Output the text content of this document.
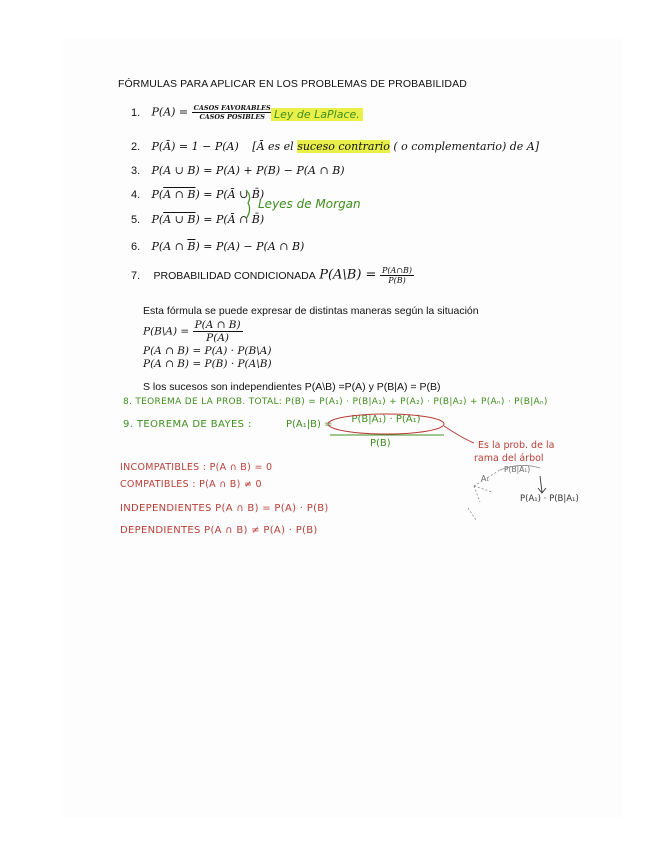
FÓRMULAS PARA APLICAR EN LOS PROBLEMAS DE PROBABILIDAD
1. $P(A) = \frac{\text{CASOS FAVORABLES}}{\text{CASOS POSIBLES}}$ Ley de LaPlace.
2. P(Ā) = 1 − P(A) [Ā es el suceso contrario ( o complementario) de A]
3. P(A ∪ B) = P(A) + P(B) − P(A ∩ B)
4. P(A ∩ B) = P(Ā ∪ B̄)
5. P(A ∪ B) = P(Ā ∩ B̄)
Leyes de Morgan
6. P(A ∩ $\overline{B}) = P(A) - P(A$ ∩ B)
7. PROBABILIDAD CONDICIONADA P(A\B) = $\frac{P(A\cap B)}{P(B)}$
Esta fórmula se puede expresar de distintas maneras según la situación
P(B\A) = $\frac{P(A \cap B)}{P(A)}$
P(A ∩ B) = P(A) · P(B\A)
P(A ∩ B) = P(B) · P(A\B)
S los sucesos son independientes P(A\B) =P(A) y P(B|A) = P(B)
8. TEOREMA DE LA PROB. TOTAL: P(B) = P(A₁) · P(B|A₁) + P(A₂) · P(B|A₂) + P(Aₙ) · P(B|Aₙ)
9. TEOREMA DE BAYES :	P(A₁|B) =	P(B|A₁) · P(A₁)
P(B)	Es la prob. de la
rama del árbol
P(B|A₁)
A₁
P(A₁) · P(B|A₁)
INCOMPATIBLES : P(A ∩ B) = 0
COMPATIBLES : P(A ∩ B) ≠ 0
INDEPENDIENTES P(A ∩ B) = P(A) · P(B)
DEPENDIENTES P(A ∩ B) ≠ P(A) · P(B)
